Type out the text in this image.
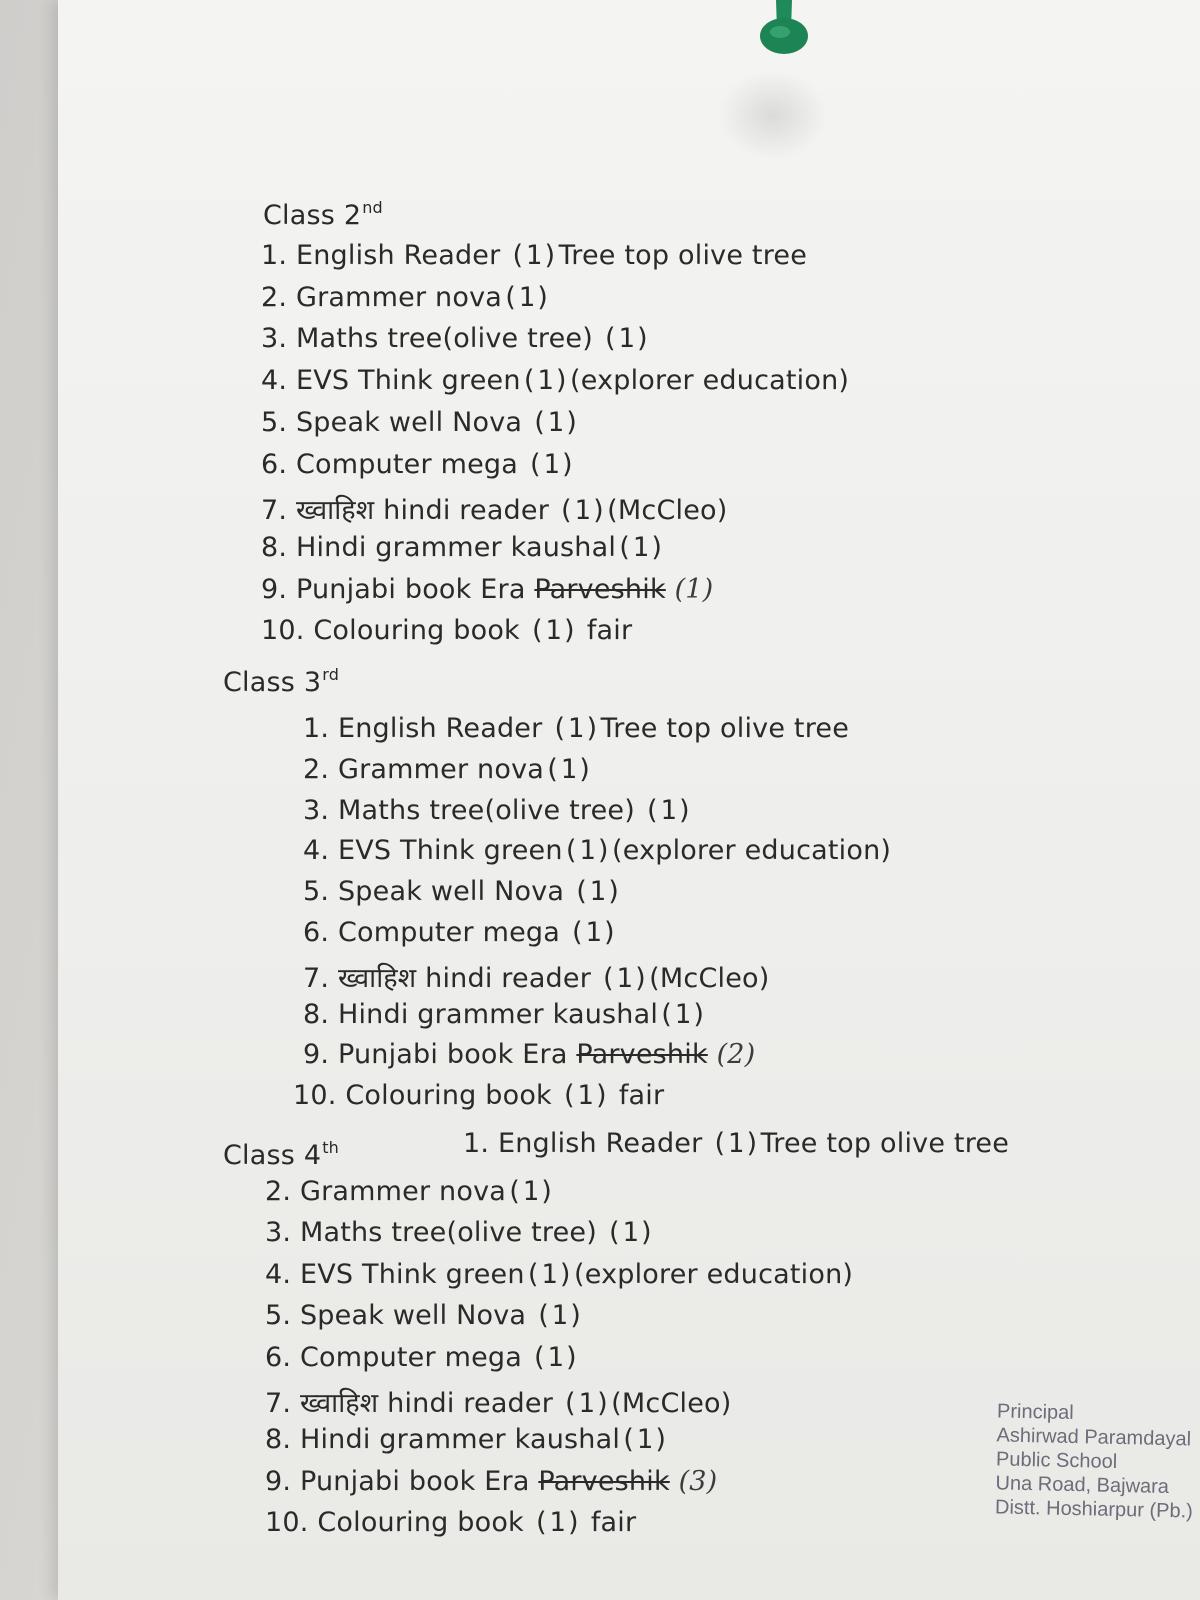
Class 2nd
1. English Reader (1)Tree top olive tree
2. Grammer nova(1)
3. Maths tree(olive tree) (1)
4. EVS Think green(1)(explorer education)
5. Speak well Nova (1)
6. Computer mega (1)
7. ख्वाहिश hindi reader (1)(McCleo)
8. Hindi grammer kaushal(1)
9. Punjabi book Era Parveshik (1)
10. Colouring book (1) fair
Class 3rd
1. English Reader (1)Tree top olive tree
2. Grammer nova(1)
3. Maths tree(olive tree) (1)
4. EVS Think green(1)(explorer education)
5. Speak well Nova (1)
6. Computer mega (1)
7. ख्वाहिश hindi reader (1)(McCleo)
8. Hindi grammer kaushal(1)
9. Punjabi book Era Parveshik (2)
10. Colouring book (1) fair
Class 4th	1. English Reader (1)Tree top olive tree
2. Grammer nova(1)
3. Maths tree(olive tree) (1)
4. EVS Think green(1)(explorer education)
5. Speak well Nova (1)
6. Computer mega (1)
7. ख्वाहिश hindi reader (1)(McCleo)
8. Hindi grammer kaushal(1)
9. Punjabi book Era Parveshik (3)
10. Colouring book (1) fair
Principal
Ashirwad Paramdayal
Public School
Una Road, Bajwara
Distt. Hoshiarpur (Pb.)
